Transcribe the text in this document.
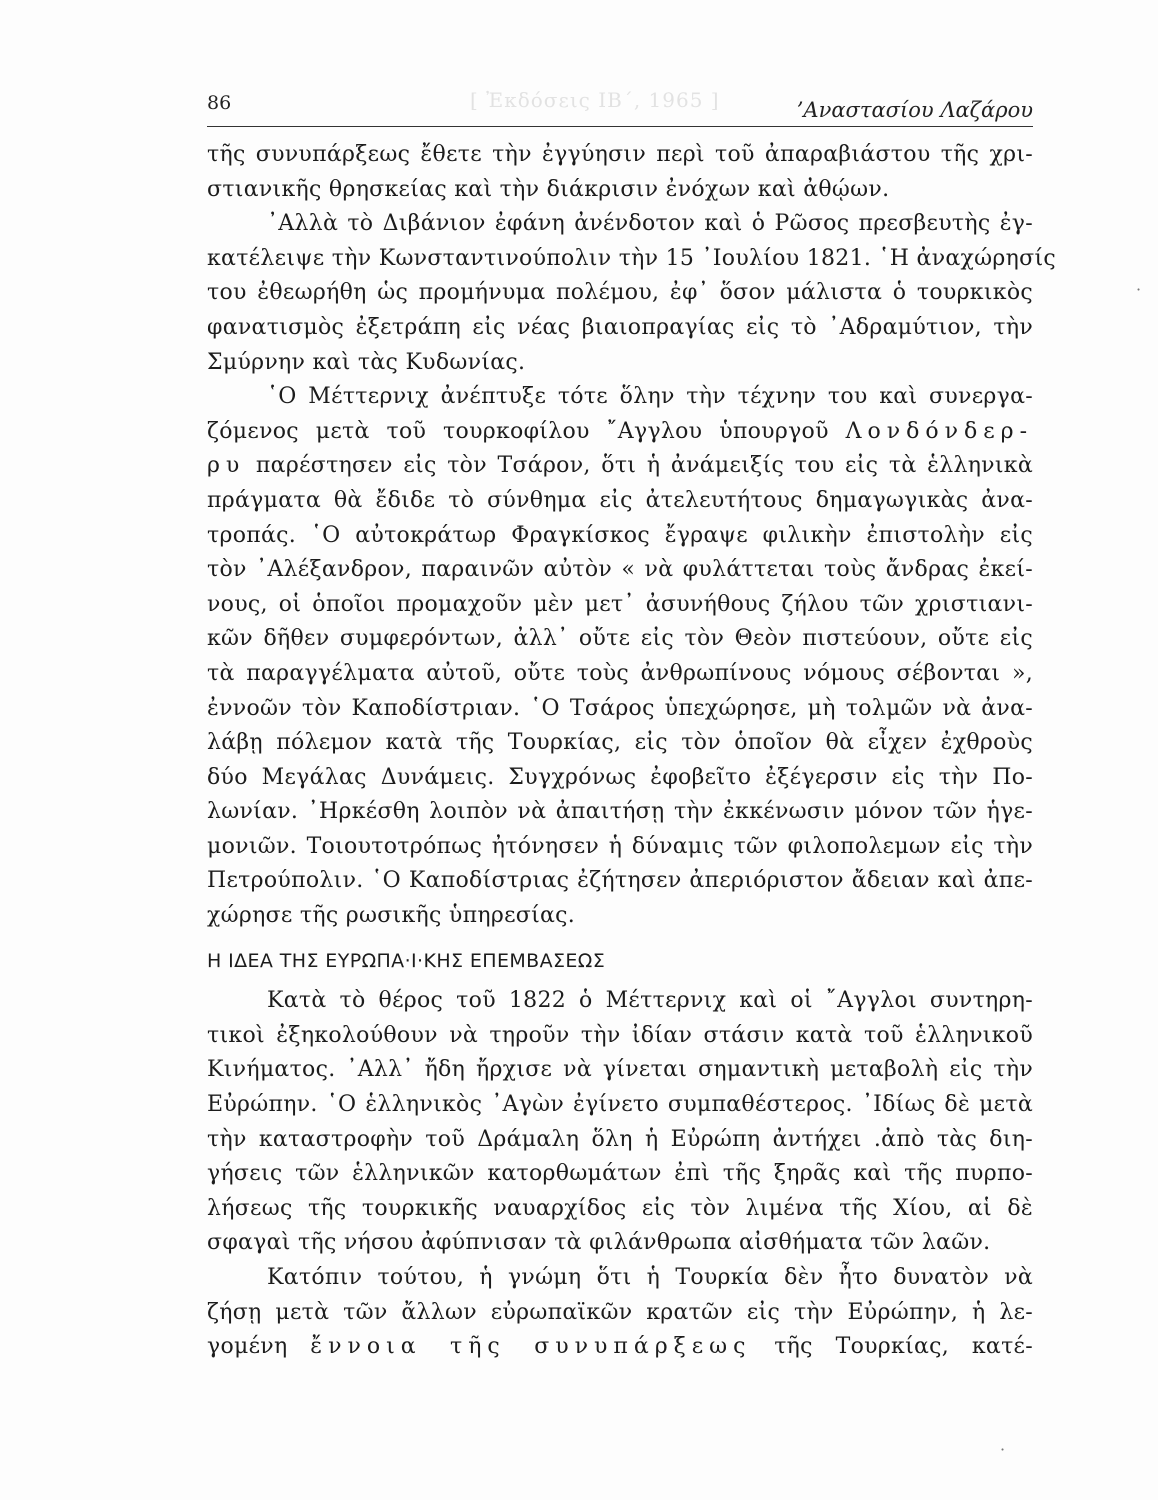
[ Ἐκδόσεις ΙΒ´, 1965 ]
86	’Αναστασίου Λαζάρου
τῆς συνυπάρξεως ἔθετε τὴν ἐγγύησιν περὶ τοῦ ἀπαραβιάστου τῆς χρι-
στιανικῆς θρησκείας καὶ τὴν διάκρισιν ἐνόχων καὶ ἀθῴων.
᾿Αλλὰ τὸ Διβάνιον ἐφάνη ἀνένδοτον καὶ ὁ Ρῶσος πρεσβευτὴς ἐγ-
κατέλειψε τὴν Κωνσταντινούπολιν τὴν 15 ᾿Ιουλίου 1821. ῾Η ἀναχώρησίς
του ἐθεωρήθη ὡς προμήνυμα πολέμου, ἐφ᾿ ὅσον μάλιστα ὁ τουρκικὸς
φανατισμὸς ἐξετράπη εἰς νέας βιαιοπραγίας εἰς τὸ ᾿Αδραμύτιον, τὴν
Σμύρνην καὶ τὰς Κυδωνίας.
῾Ο Μέττερνιχ ἀνέπτυξε τότε ὅλην τὴν τέχνην του καὶ συνεργα-
ζόμενος μετὰ τοῦ τουρκοφίλου ῎Αγγλου ὑπουργοῦ Λονδόνδερ-
ρυ παρέστησεν εἰς τὸν Τσάρον, ὅτι ἡ ἀνάμειξίς του εἰς τὰ ἑλληνικὰ
πράγματα θὰ ἔδιδε τὸ σύνθημα εἰς ἀτελευτήτους δημαγωγικὰς ἀνα-
τροπάς. ῾Ο αὐτοκράτωρ Φραγκίσκος ἔγραψε φιλικὴν ἐπιστολὴν εἰς
τὸν ᾿Αλέξανδρον, παραινῶν αὐτὸν « νὰ φυλάττεται τοὺς ἄνδρας ἐκεί-
νους, οἱ ὁποῖοι προμαχοῦν μὲν μετ᾿ ἀσυνήθους ζήλου τῶν χριστιανι-
κῶν δῆθεν συμφερόντων, ἀλλ᾿ οὔτε εἰς τὸν Θεὸν πιστεύουν, οὔτε εἰς
τὰ παραγγέλματα αὐτοῦ, οὔτε τοὺς ἀνθρωπίνους νόμους σέβονται »,
ἐννοῶν τὸν Καποδίστριαν. ῾Ο Τσάρος ὑπεχώρησε, μὴ τολμῶν νὰ ἀνα-
λάβῃ πόλεμον κατὰ τῆς Τουρκίας, εἰς τὸν ὁποῖον θὰ εἶχεν ἐχθροὺς
δύο Μεγάλας Δυνάμεις. Συγχρόνως ἐφοβεῖτο ἐξέγερσιν εἰς τὴν Πο-
λωνίαν. ᾿Ηρκέσθη λοιπὸν νὰ ἀπαιτήσῃ τὴν ἐκκένωσιν μόνον τῶν ἡγε-
μονιῶν. Τοιουτοτρόπως ἠτόνησεν ἡ δύναμις τῶν φιλοπολεμων εἰς τὴν
Πετρούπολιν. ῾Ο Καποδίστριας ἐζήτησεν ἀπεριόριστον ἄδειαν καὶ ἀπε-
χώρησε τῆς ρωσικῆς ὑπηρεσίας.
Η ΙΔΕΑ ΤΗΣ ΕΥΡΩΠΑ·Ι·ΚΗΣ ΕΠΕΜΒΑΣΕΩΣ
Κατὰ τὸ θέρος τοῦ 1822 ὁ Μέττερνιχ καὶ οἱ ῎Αγγλοι συντηρη-
τικοὶ ἐξηκολούθουν νὰ τηροῦν τὴν ἰδίαν στάσιν κατὰ τοῦ ἑλληνικοῦ
Κινήματος. ᾿Αλλ᾿ ἤδη ἤρχισε νὰ γίνεται σημαντικὴ μεταβολὴ εἰς τὴν
Εὐρώπην. ῾Ο ἑλληνικὸς ᾿Αγὼν ἐγίνετο συμπαθέστερος. ᾿Ιδίως δὲ μετὰ
τὴν καταστροφὴν τοῦ Δράμαλη ὅλη ἡ Εὐρώπη ἀντήχει .ἀπὸ τὰς διη-
γήσεις τῶν ἑλληνικῶν κατορθωμάτων ἐπὶ τῆς ξηρᾶς καὶ τῆς πυρπο-
λήσεως τῆς τουρκικῆς ναυαρχίδος εἰς τὸν λιμένα τῆς Χίου, αἱ δὲ
σφαγαὶ τῆς νήσου ἀφύπνισαν τὰ φιλάνθρωπα αἰσθήματα τῶν λαῶν.
Κατόπιν τούτου, ἡ γνώμη ὅτι ἡ Τουρκία δὲν ἦτο δυνατὸν νὰ
ζήσῃ μετὰ τῶν ἄλλων εὐρωπαϊκῶν κρατῶν εἰς τὴν Εὐρώπην, ἡ λε-
γομένη ἔννοια τῆς συνυπάρξεως τῆς Τουρκίας, κατέ-
·
·
